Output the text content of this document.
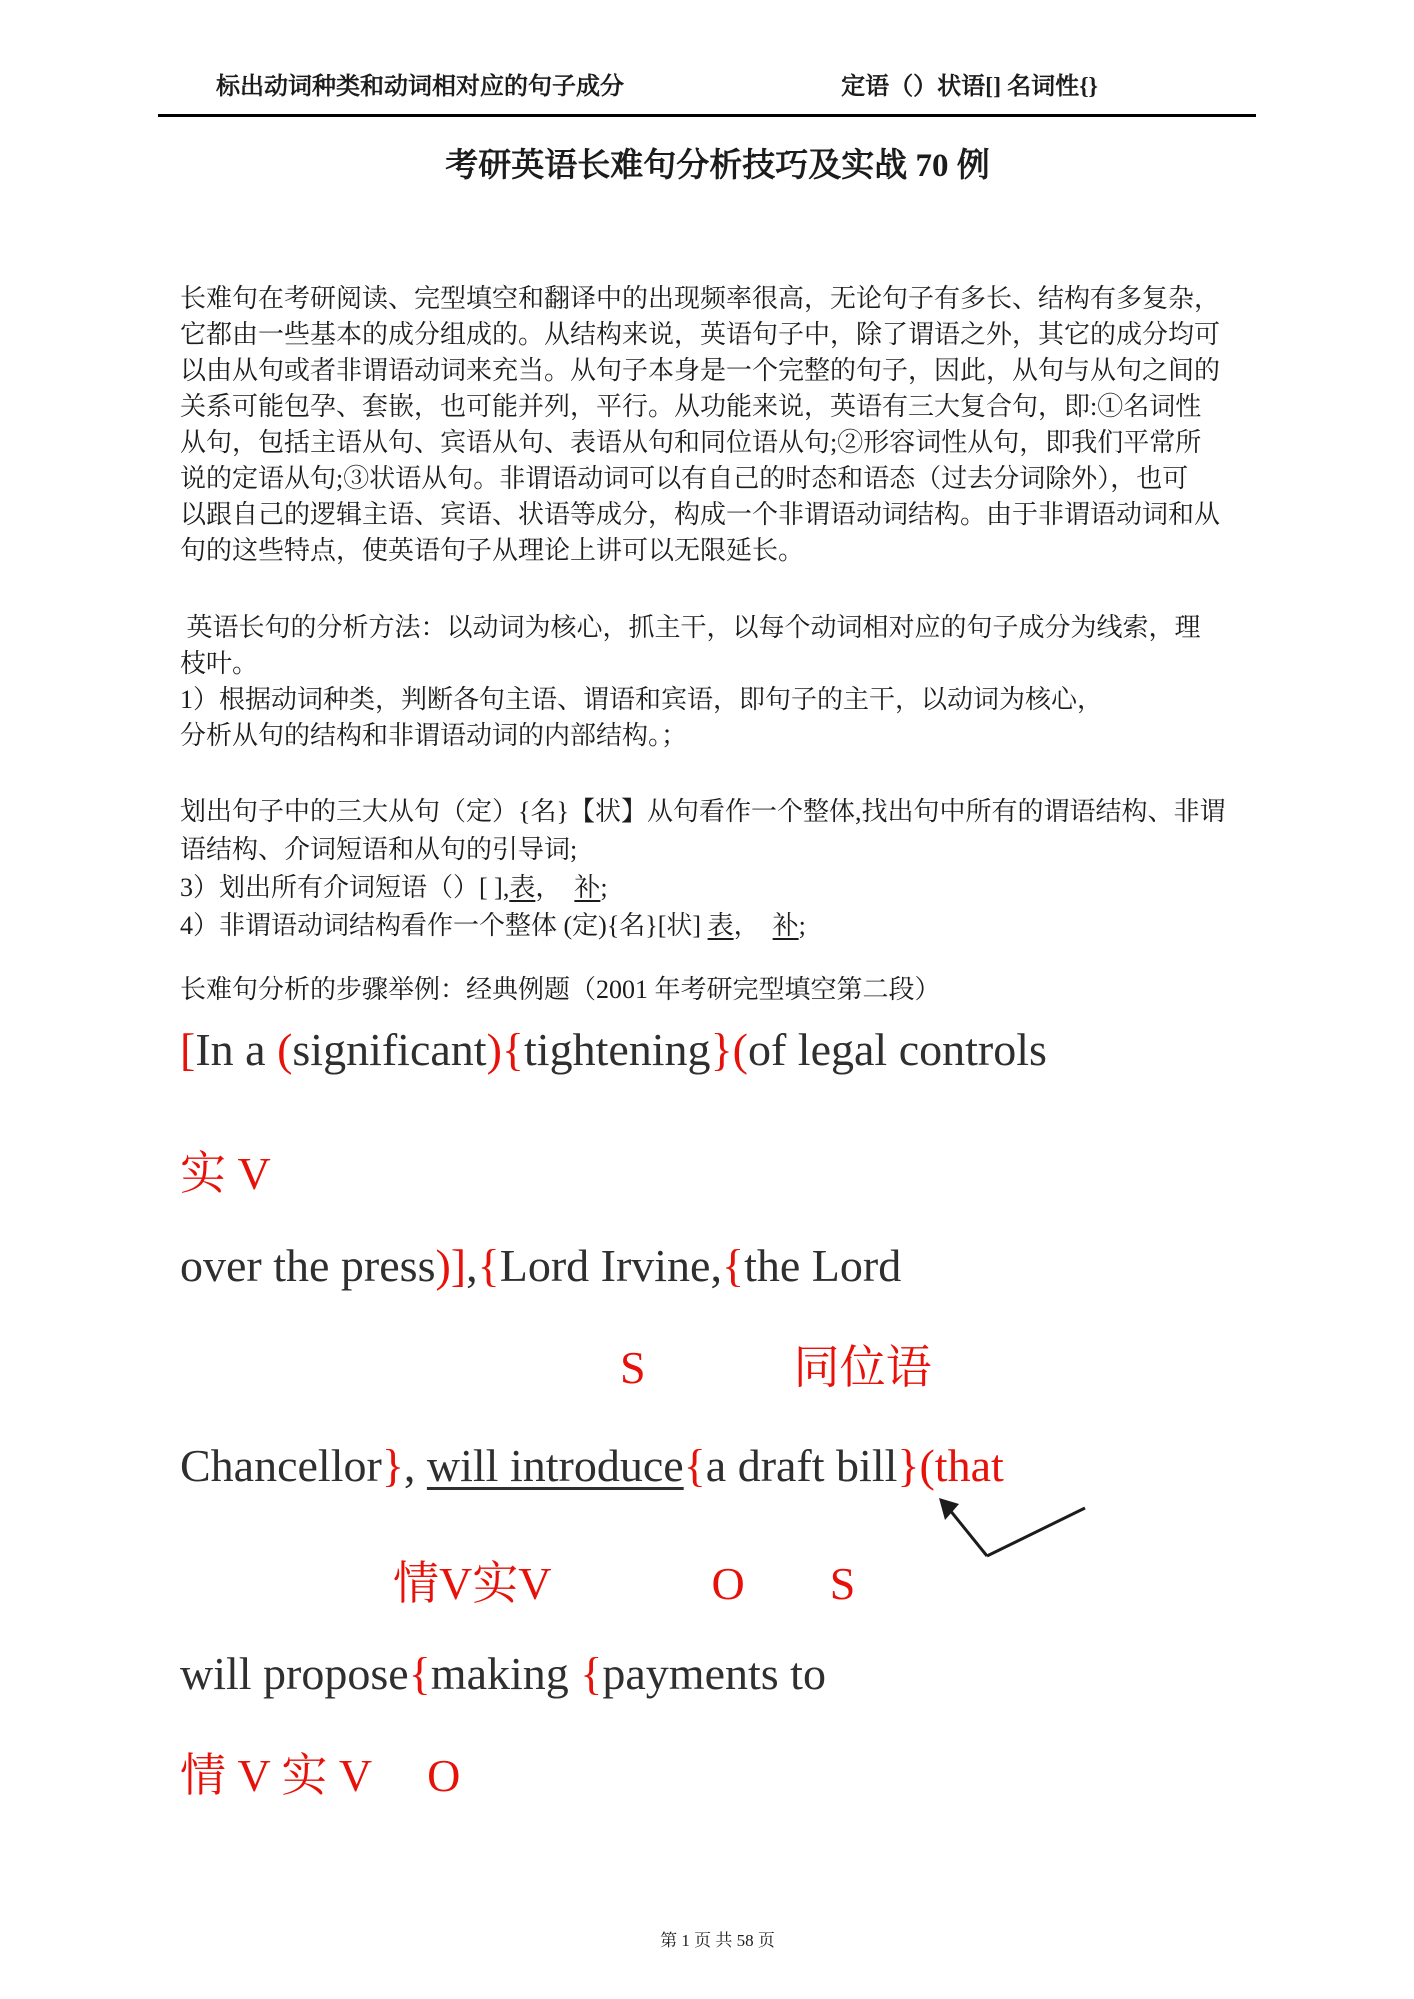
标出动词种类和动词相对应的句子成分	定语（）状语[] 名词性{}
考研英语长难句分析技巧及实战 70 例
长难句在考研阅读、完型填空和翻译中的出现频率很高，无论句子有多长、结构有多复杂，
它都由一些基本的成分组成的。从结构来说，英语句子中，除了谓语之外，其它的成分均可
以由从句或者非谓语动词来充当。从句子本身是一个完整的句子，因此，从句与从句之间的
关系可能包孕、套嵌，也可能并列，平行。从功能来说，英语有三大复合句，即:①名词性
从句，包括主语从句、宾语从句、表语从句和同位语从句;②形容词性从句，即我们平常所
说的定语从句;③状语从句。非谓语动词可以有自己的时态和语态（过去分词除外），也可
以跟自己的逻辑主语、宾语、状语等成分，构成一个非谓语动词结构。由于非谓语动词和从
句的这些特点，使英语句子从理论上讲可以无限延长。
英语长句的分析方法：以动词为核心，抓主干，以每个动词相对应的句子成分为线索，理
枝叶。
1）根据动词种类，判断各句主语、谓语和宾语，即句子的主干，以动词为核心，
分析从句的结构和非谓语动词的内部结构。；
划出句子中的三大从句（定）{名}【状】从句看作一个整体,找出句中所有的谓语结构、非谓
语结构、介词短语和从句的引导词;
3）划出所有介词短语（）[ ],表，  补;
4）非谓语动词结构看作一个整体 (定){名}[状] 表，  补;
长难句分析的步骤举例：经典例题（2001 年考研完型填空第二段）
[In a (significant){tightening}(of legal controls
实 V
over the press)],{Lord Irvine,{the Lord
S	同位语
Chancellor}, will introduce{a draft bill}(that
情V实V	O S
will propose{making {payments to
情 V 实 V O
第 1 页 共 58 页
